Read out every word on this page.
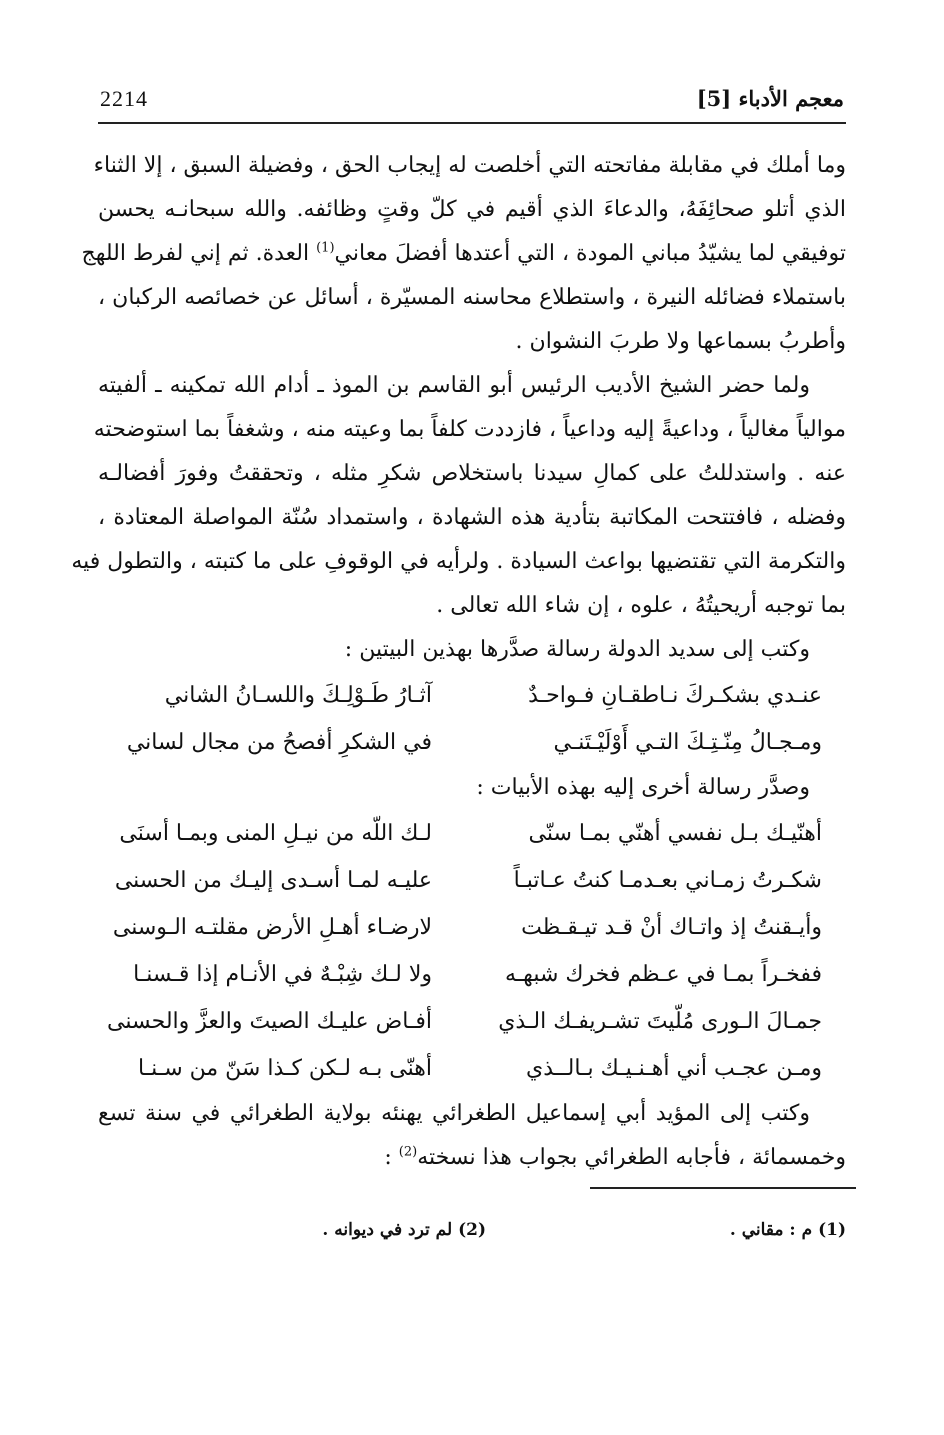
2214	معجم الأدباء [5]
وما أملك في مقابلة مفاتحته التي أخلصت له إيجاب الحق ، وفضيلة السبق ، إلا الثناء
الذي أتلو صحائِفَهُ، والدعاءَ الذي أقيم في كلّ وقتٍ وظائفه. والله سبحانـه يحسن
توفيقي لما يشيّدُ مباني المودة ، التي أعتدها أفضلَ معاني$^{(1)}$ العدة. ثم إني لفرط اللهج
باستملاء فضائله النيرة ، واستطلاع محاسنه المسيّرة ، أسائل عن خصائصه الركبان ،
وأطربُ بسماعها ولا طربَ النشوان .
ولما حضر الشيخ الأديب الرئيس أبو القاسم بن الموذ ـ أدام الله تمكينه ـ ألفيته
موالياً مغالياً ، وداعيةً إليه وداعياً ، فازددت كلفاً بما وعيته منه ، وشغفاً بما استوضحته
عنه . واستدللتُ على كمالِ سيدنا باستخلاص شكرِ مثله ، وتحققتُ وفورَ أفضالـه
وفضله ، فافتتحت المكاتبة بتأدية هذه الشهادة ، واستمداد سُنّة المواصلة المعتادة ،
والتكرمة التي تقتضيها بواعث السيادة . ولرأيه في الوقوفِ على ما كتبته ، والتطول فيه
بما توجبه أريحيتُهُ ، علوه ، إن شاء الله تعالى .
وكتب إلى سديد الدولة رسالة صدَّرها بهذين البيتين :
عنـدي بشكـركَ نـاطقـانِ فـواحـدٌ
آثـارُ طَـوْلِـكَ واللسـانُ الشاني
ومـجـالُ مِنّـتِـكَ التـي أَوْلَيْـتَنـي
في الشكرِ أفصحُ من مجال لساني
وصدَّر رسالة أخرى إليه بهذه الأبيات :
أهنّيـك بـل نفسي أهنّي بمـا سنّى
لـك اللّه من نيـلِ المنى وبمـا أسنَى
شكـرتُ زمـاني بعـدمـا كنتُ عـاتبـاً
عليـه لمـا أسـدى إليـك من الحسنى
وأيـقنتُ إذ واتـاك أنْ قـد تيـقـظت
لارضـاء أهـلِ الأرض مقلتـه الـوسنى
ففخـراً بمـا في عـظم فخرك شبهـه
ولا لـك شِبْـهٌ في الأنـام إذا قـسنـا
جمـالَ الـورى مُلّيتَ تشـريفـك الـذي
أفـاض عليـك الصيتَ والعزَّ والحسنى
ومـن عجـب أني أهـنـيـك بـالــذي
أهنّى بـه لـكن كـذا سَنّ من سـنـا
وكتب إلى المؤيد أبي إسماعيل الطغرائي يهنئه بولاية الطغرائي في سنة تسع
وخمسمائة ، فأجابه الطغرائي بجواب هذا نسخته$^{(2)}$ :
(1) م : مقاني .
(2) لم ترد في ديوانه .
